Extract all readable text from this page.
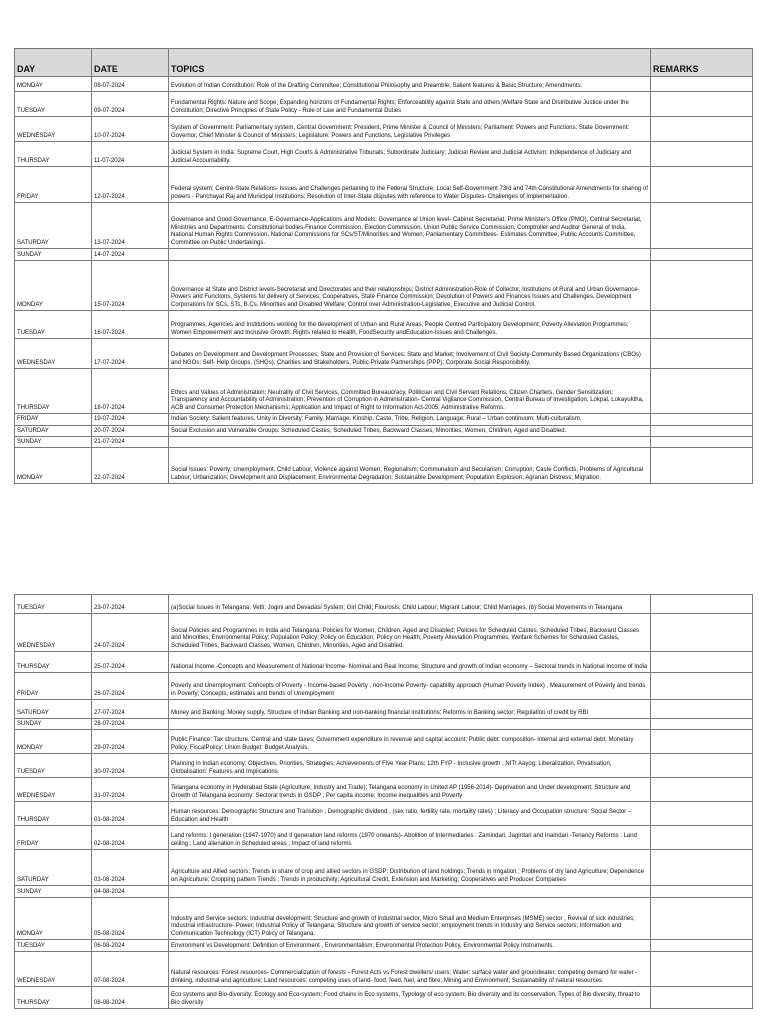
DAY	DATE	TOPICS	REMARKS
MONDAY	08-07-2024	Evolution of Indian Constitution: Role of the Drafting Committee; Constitutional Philosophy and Preamble; Salient features & Basic Structure; Amendments.	
TUESDAY	09-07-2024	Fundamental Rights: Nature and Scope; Expanding horizons of Fundamental Rights; Enforceability against State and others;Welfare State and Distributive Justice under the Constitution; Directive Principles of State Policy - Rule of Law and Fundamental Duties	
WEDNESDAY	10-07-2024	System of Government: Parliamentary system, Central Government: President, Prime Minister & Council of Ministers; Parliament: Powers and Functions; State Government: Governor, Chief Minister & Council of Ministers; Legislature: Powers and Functions, Legislative Privileges	
THURSDAY	11-07-2024	Judicial System in India: Supreme Court, High Courts & Administrative Tribunals; Subordinate Judiciary; Judicial Review and Judicial Activism; Independence of Judiciary and Judicial Accountability.	
FRIDAY	12-07-2024	Federal system: Centre-State Relations- Issues and Challenges pertaining to the Federal Structure; Local Self-Government 73rd and 74th Constitutional Amendments for sharing of powers - Panchayat Raj and Municipal Institutions; Resolution of Inter-State disputes with reference to Water Disputes- Challenges of Implementation.	
SATURDAY	13-07-2024	Governance and Good Governance, E-Governance-Applications and Models; Governance at Union level- Cabinet Secretariat, Prime Minister's Office (PMO), Central Secretariat, Ministries and Departments; Constitutional bodies-Finance Commission, Election Commission, Union Public Service Commission, Comptroller and Auditor General of India, National Human Rights Commission, National Commissions for SCs/ST/Minorities and Women; Parliamentary Committees- Estimates Committee, Public Accounts Committee, Committee on Public Undertakings.	
SUNDAY	14-07-2024		
MONDAY	15-07-2024	Governance at State and District levels-Secretariat and Directorates and their relationships; District Administration-Role of Collector, Institutions of Rural and Urban Governance-Powers and Functions, Systems for delivery of Services; Cooperatives, State Finance Commission; Devolution of Powers and Finances Issues and Challenges. Development Corporations for SCs, STs, B.Cs, Minorities and Disabled Welfare; Control over Administration-Legislative, Executive and Judicial Control.	
TUESDAY	16-07-2024	Programmes, Agencies and Institutions working for the development of Urban and Rural Areas; People Centred Participatory Development; Poverty Alleviation Programmes; Women Empowerment and Inclusive Growth; Rights related to Health, FoodSecurity andEducation-Issues and Challenges.	
WEDNESDAY	17-07-2024	Debates on Development and Development Processes; State and Provision of Services; State and Market; Involvement of Civil Society-Community Based Organizations (CBOs) and NGOs; Self- Help Groups, (SHGs), Charities and Stakeholders, Public-Private Partnerships (PPP); Corporate Social Responsibility.	
THURSDAY	18-07-2024	Ethics and Values of Administration; Neutrality of Civil Services, Committed Bureaucracy, Politician and Civil Servant Relations; Citizen Charters, Gender Sensitization; Transparency and Accountability of Administration; Prevention of Corruption in Administration- Central Vigilance Commission, Central Bureau of Investigation, Lokpal, Lokayuktha, ACB and Consumer Protection Mechanisms; Application and Impact of Right to Information Act-2005; Administrative Reforms.	
FRIDAY	19-07-2024	Indian Society: Salient features, Unity in Diversity; Family, Marriage, Kinship, Caste, Tribe, Religion, Language; Rural – Urban continuum; Multi-culturalism.	
SATURDAY	20-07-2024	Social Exclusion and Vulnerable Groups: Scheduled Castes, Scheduled Tribes, Backward Classes, Minorities, Women, Children, Aged and Disabled.	
SUNDAY	21-07-2024		
MONDAY	22-07-2024	Social Issues: Poverty; Unemployment, Child Labour, Violence against Women; Regionalism; Communalism and Secularism; Corruption; Caste Conflicts, Problems of Agricultural Labour; Urbanization; Development and Displacement; Environmental Degradation; Sustainable Development; Population Explosion; Agrarian Distress; Migration.	
TUESDAY	23-07-2024	(a)Social Issues in Telangana: Vetti; Jogini and Devadasi System; Girl Child; Flourosis; Child Labour; Migrant Labour; Child Marriages. (b) Social Movements in Telangana	
WEDNESDAY	24-07-2024	Social Policies and Programmes in India and Telangana: Policies for Women, Children, Aged and Disabled; Policies for Scheduled Castes, Scheduled Tribes, Backward Classes and Minorities; Environmental Policy; Population Policy; Policy on Education; Policy on Health; Poverty Alleviation Programmes; Welfare Schemes for Scheduled Castes, Scheduled Tribes, Backward Classes, Women, Children, Minorities, Aged and Disabled.	
THURSDAY	25-07-2024	National Income -Concepts and Measurement of National Income- Nominal and Real Income; Structure and growth of Indian economy – Sectoral trends in National Income of India	
FRIDAY	26-07-2024	Poverty and Unemployment: Concepts of Poverty - Income-based Poverty , non-income Poverty- capability approach (Human Poverty Index) , Measurement of Poverty and trends in Poverty; Concepts, estimates and trends of Unemployment	
SATURDAY	27-07-2024	Money and Banking: Money supply, Structure of Indian Banking and non-banking financial institutions; Reforms in Banking sector; Regulation of credit by RBI	
SUNDAY	28-07-2024		
MONDAY	29-07-2024	Public Finance: Tax structure, Central and state taxes; Government expenditure in revenue and capital account; Public debt: composition- internal and external debt; Monetary Policy, FiscalPolicy; Union Budget: Budget Analysis.	
TUESDAY	30-07-2024	Planning in Indian economy: Objectives, Priorities, Strategies, Achievements of Five Year Plans; 12th FYP - Inclusive growth ; NITI Aayog; Liberalization, Privatisation, Globalisation: Features and Implications	
WEDNESDAY	31-07-2024	Telangana economy in Hyderabad State (Agriculture, Industry and Trade); Telangana economy in United AP (1956-2014)- Deprivation and Under development; Structure and Growth of Telangana economy: Sectoral trends in GSDP ; Per capita income; Income inequalities and Poverty	
THURSDAY	01-08-2024	Human resources: Demographic Structure and Transition , Demographic dividend , (sex ratio, fertility rate, mortality rates) ; Literacy and Occupation structure: Social Sector – Education and Health	
FRIDAY	02-08-2024	Land reforms: I generation (1947-1970) and II generation land reforms (1970 onwards)- Abolition of Intermediaries : Zamindari, Jagirdari and Inamdari -Tenancy Reforms : Land ceiling ; Land alienation in Scheduled areas ; Impact of land reforms	
SATURDAY	03-08-2024	Agriculture and Allied sectors: Trends in share of crop and allied sectors in GSDP; Distribution of land holdings; Trends in Irrigation ; Problems of dry land Agriculture; Dependence on Agriculture; Cropping pattern Trends ; Trends in productivity; Agricultural Credit, Extension and Marketing; Cooperatives and Producer Companies	
SUNDAY	04-08-2024		
MONDAY	05-08-2024	Industry and Service sectors: Industrial development; Structure and growth of industrial sector, Micro Small and Medium Enterprises (MSME) sector , Revival of sick industries; Industrial infrastructure- Power; Industrial Policy of Telangana; Structure and growth of service sector; employment trends in Industry and Service sectors; Information and Communication Technology (ICT) Policy of Telangana.	
TUESDAY	06-08-2024	Environment vs Development: Definition of Environment , Environmentalism; Environmental Protection Policy, Environmental Policy Instruments.	
WEDNESDAY	07-08-2024	Natural resources: Forest resources- Commercialization of forests - Forest Acts vs Forest dwellers/ users; Water: surface water and groundwater, competing demand for water - drinking, industrial and agriculture; Land resources: competing uses of land- food, feed, fuel, and fibre; Mining and Environment; Sustainability of natural resources	
THURSDAY	08-08-2024	Eco systems and Bio-diversity: Ecology and Eco-system; Food chains in Eco systems, Typology of eco system; Bio diversity and its conservation, Types of Bio diversity, threat to Bio diversity	
